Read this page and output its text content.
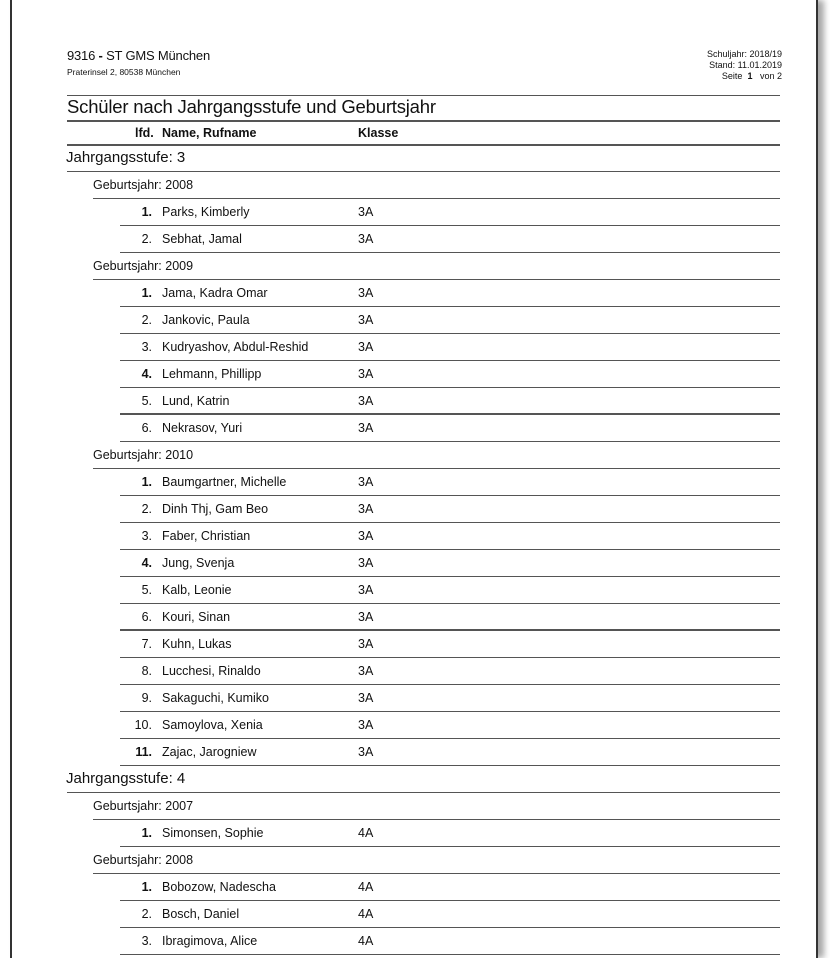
9316 - ST GMS München
Praterinsel 2, 80538 München
Schuljahr: 2018/19
Stand: 11.01.2019
Seite 1 von 2
Schüler nach Jahrgangsstufe und Geburtsjahr
lfd. Name, Rufname	Klasse
Jahrgangsstufe: 3
Geburtsjahr: 2008
1. Parks, Kimberly	3A
2. Sebhat, Jamal	3A
Geburtsjahr: 2009
1. Jama, Kadra Omar	3A
2. Jankovic, Paula	3A
3. Kudryashov, Abdul-Reshid	3A
4. Lehmann, Phillipp	3A
5. Lund, Katrin	3A
6. Nekrasov, Yuri	3A
Geburtsjahr: 2010
1. Baumgartner, Michelle	3A
2. Dinh Thj, Gam Beo	3A
3. Faber, Christian	3A
4. Jung, Svenja	3A
5. Kalb, Leonie	3A
6. Kouri, Sinan	3A
7. Kuhn, Lukas	3A
8. Lucchesi, Rinaldo	3A
9. Sakaguchi, Kumiko	3A
10. Samoylova, Xenia	3A
11. Zajac, Jarogniew	3A
Jahrgangsstufe: 4
Geburtsjahr: 2007
1. Simonsen, Sophie	4A
Geburtsjahr: 2008
1. Bobozow, Nadescha	4A
2. Bosch, Daniel	4A
3. Ibragimova, Alice	4A
